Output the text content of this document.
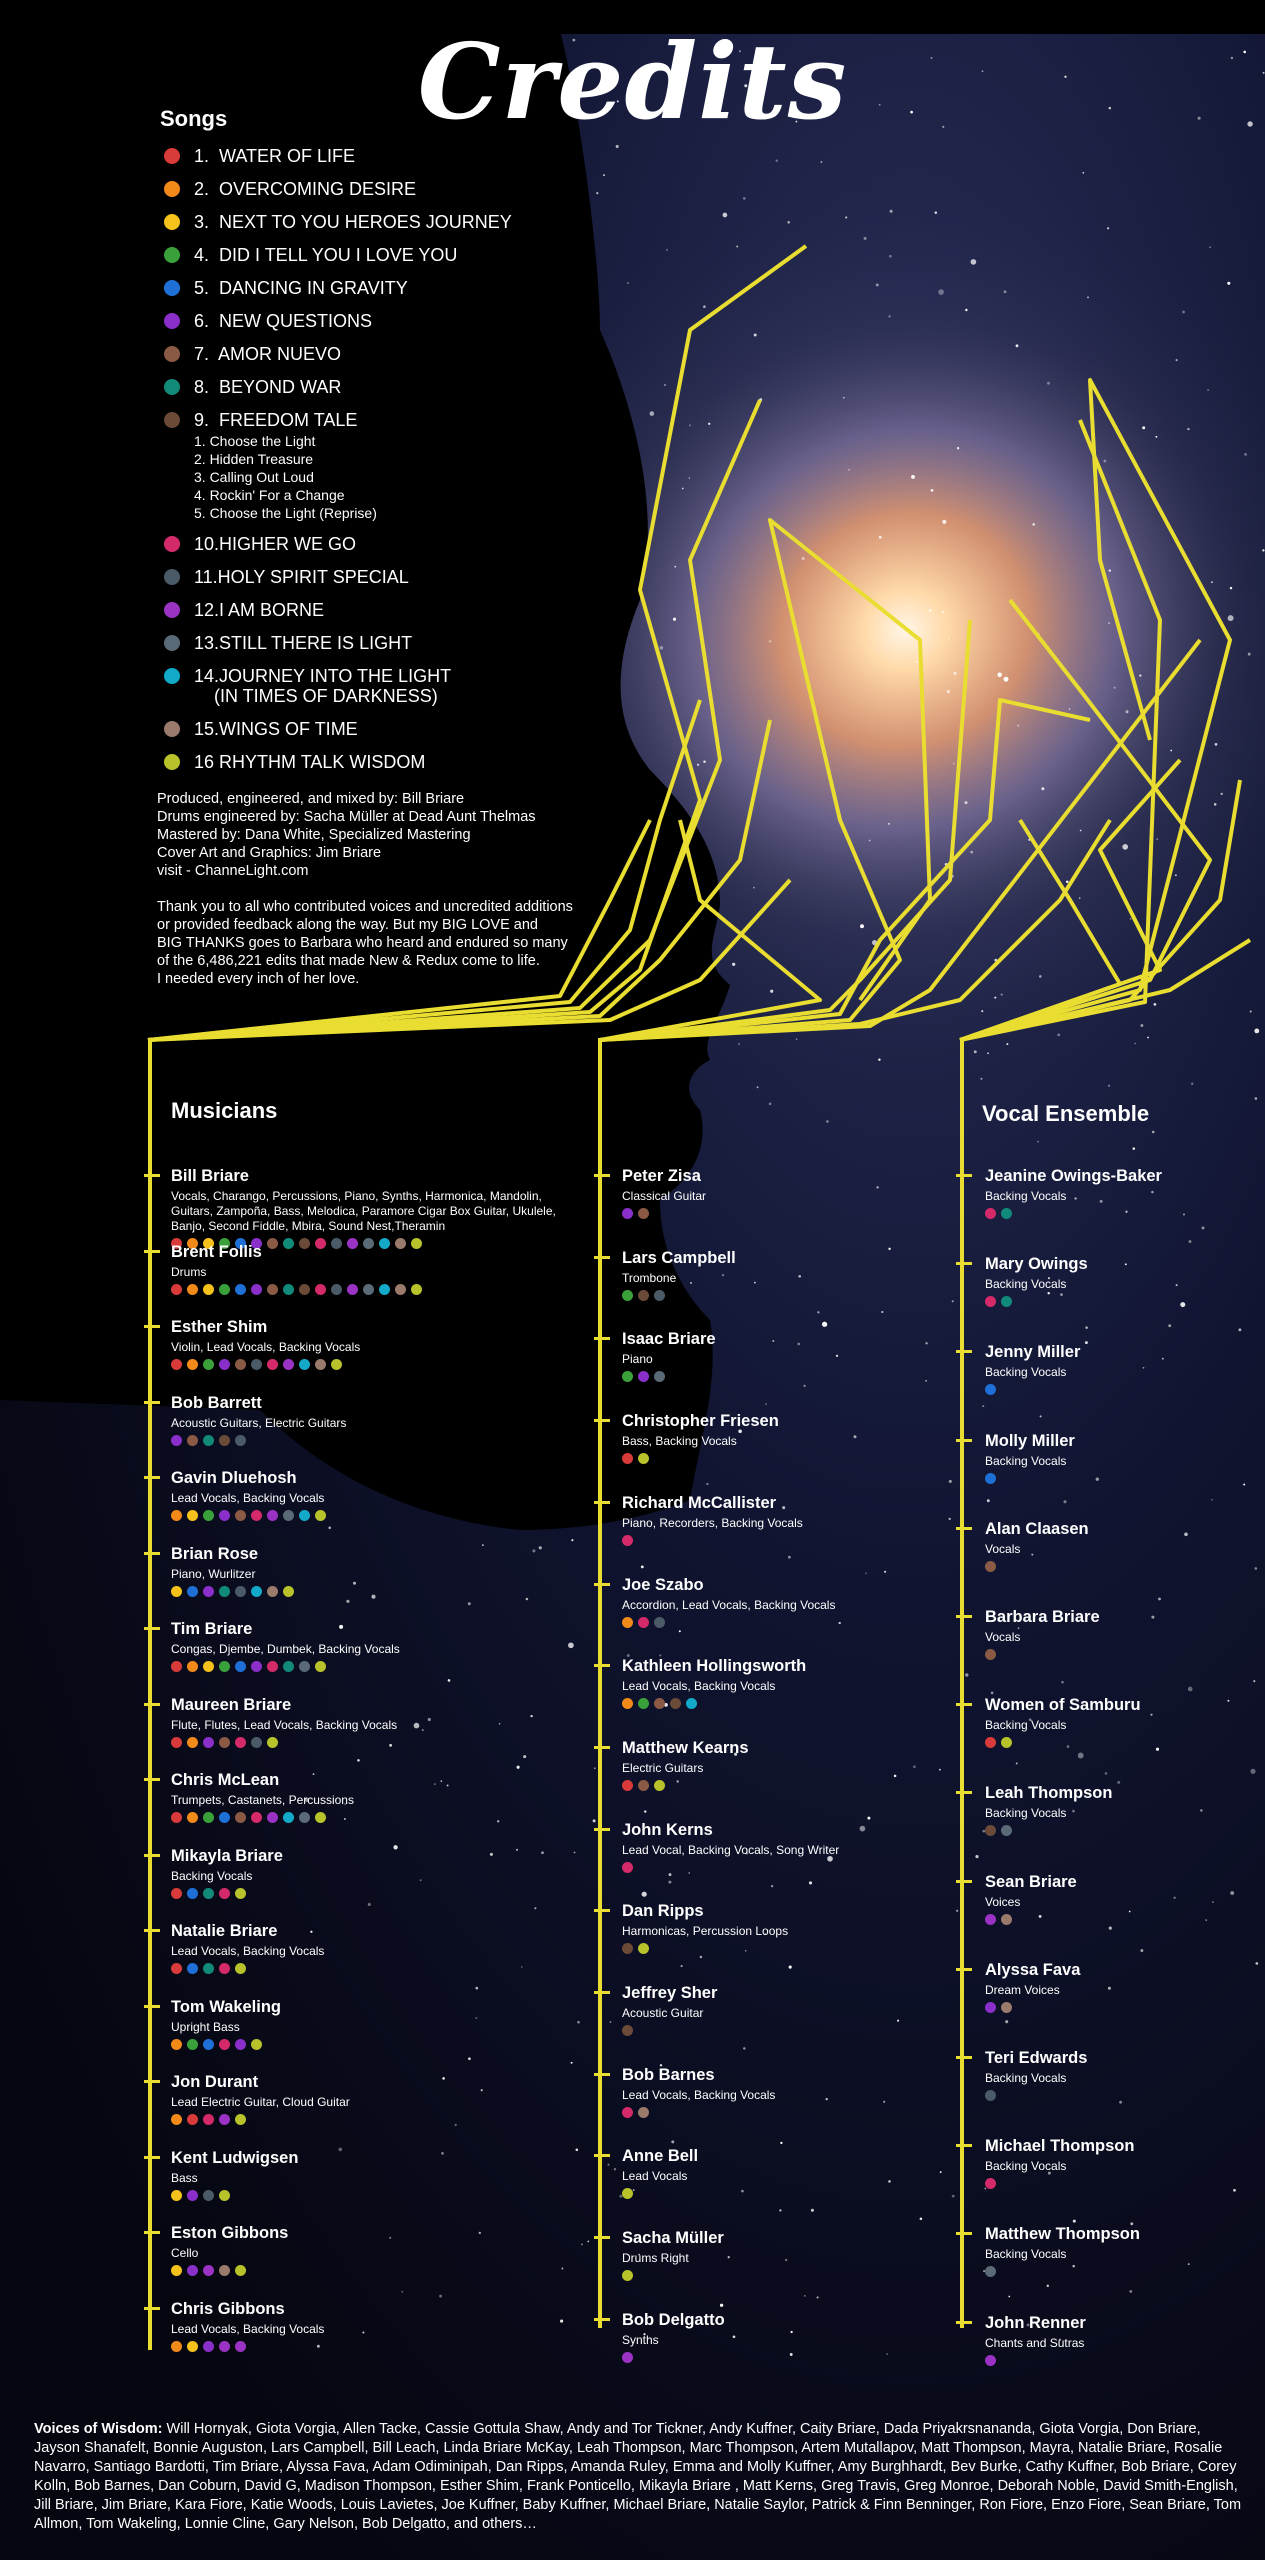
Credits
Songs
1.  WATER OF LIFE
2.  OVERCOMING DESIRE
3.  NEXT TO YOU HEROES JOURNEY
4.  DID I TELL YOU I LOVE YOU
5.  DANCING IN GRAVITY
6.  NEW QUESTIONS
7.  AMOR NUEVO
8.  BEYOND WAR
9.  FREEDOM TALE
1. Choose the Light
2. Hidden Treasure
3. Calling Out Loud
4. Rockin' For a Change
5. Choose the Light (Reprise)
10.HIGHER WE GO
11.HOLY SPIRIT SPECIAL
12.I AM BORNE
13.STILL THERE IS LIGHT
14.JOURNEY INTO THE LIGHT
(IN TIMES OF DARKNESS)
15.WINGS OF TIME
16 RHYTHM TALK WISDOM

Produced, engineered, and mixed by: Bill Briare

Drums engineered by: Sacha Müller at Dead Aunt Thelmas

Mastered by: Dana White, Specialized Mastering

Cover Art and Graphics: Jim Briare

visit - ChanneLight.com

Thank you to all who contributed voices and uncredited additions

or provided feedback along the way. But my BIG LOVE and

BIG THANKS goes to Barbara who heard and endured so many

of the 6,486,221 edits that made New & Redux come to life.

I needed every inch of her love.

Musicians	Vocal Ensemble
Bill Briare
Vocals, Charango, Percussions, Piano, Synths, Harmonica, Mandolin, Guitars, Zampoña, Bass, Melodica, Paramore Cigar Box Guitar, Ukulele, Banjo, Second Fiddle, Mbira, Sound Nest,Theramin
Brent Follis
Drums
Esther Shim
Violin, Lead Vocals, Backing Vocals
Bob Barrett
Acoustic Guitars, Electric Guitars
Gavin Dluehosh
Lead Vocals, Backing Vocals
Brian Rose
Piano, Wurlitzer
Tim Briare
Congas, Djembe, Dumbek, Backing Vocals
Maureen Briare
Flute, Flutes, Lead Vocals, Backing Vocals
Chris McLean
Trumpets, Castanets, Percussions
Mikayla Briare
Backing Vocals
Natalie Briare
Lead Vocals, Backing Vocals
Tom Wakeling
Upright Bass
Jon Durant
Lead Electric Guitar, Cloud Guitar
Kent Ludwigsen
Bass
Eston Gibbons
Cello
Chris Gibbons
Lead Vocals, Backing Vocals
Peter Zisa
Classical Guitar
Lars Campbell
Trombone
Isaac Briare
Piano
Christopher Friesen
Bass, Backing Vocals
Richard McCallister
Piano, Recorders, Backing Vocals
Joe Szabo
Accordion, Lead Vocals, Backing Vocals
Kathleen Hollingsworth
Lead Vocals, Backing Vocals
Matthew Kearns
Electric Guitars
John Kerns
Lead Vocal, Backing Vocals, Song Writer
Dan Ripps
Harmonicas, Percussion Loops
Jeffrey Sher
Acoustic Guitar
Bob Barnes
Lead Vocals, Backing Vocals
Anne Bell
Lead Vocals
Sacha Müller
Drums Right
Bob Delgatto
Synths
Jeanine Owings-Baker
Backing Vocals
Mary Owings
Backing Vocals
Jenny Miller
Backing Vocals
Molly Miller
Backing Vocals
Alan Claasen
Vocals
Barbara Briare
Vocals
Women of Samburu
Backing Vocals
Leah Thompson
Backing Vocals
Sean Briare
Voices
Alyssa Fava
Dream Voices
Teri Edwards
Backing Vocals
Michael Thompson
Backing Vocals
Matthew Thompson
Backing Vocals
John Renner
Chants and Sutras
Voices of Wisdom: Will Hornyak, Giota Vorgia, Allen Tacke, Cassie Gottula Shaw, Andy and Tor Tickner, Andy Kuffner, Caity Briare, Dada Priyakrsnananda, Giota Vorgia, Don Briare, Jayson Shanafelt, Bonnie Auguston, Lars Campbell, Bill Leach, Linda Briare McKay, Leah Thompson, Marc Thompson, Artem Mutallapov, Matt Thompson, Mayra, Natalie Briare, Rosalie Navarro, Santiago Bardotti, Tim Briare, Alyssa Fava, Adam Odiminipah, Dan Ripps, Amanda Ruley, Emma and Molly Kuffner, Amy Burghhardt, Bev Burke, Cathy Kuffner, Bob Briare, Corey Kolln, Bob Barnes, Dan Coburn, David G, Madison Thompson, Esther Shim, Frank Ponticello, Mikayla Briare , Matt Kerns, Greg Travis, Greg Monroe, Deborah Noble, David Smith-English, Jill Briare, Jim Briare, Kara Fiore, Katie Woods, Louis Lavietes, Joe Kuffner, Baby Kuffner, Michael Briare, Natalie Saylor, Patrick & Finn Benninger, Ron Fiore, Enzo Fiore, Sean Briare, Tom Allmon, Tom Wakeling, Lonnie Cline, Gary Nelson, Bob Delgatto, and others…
